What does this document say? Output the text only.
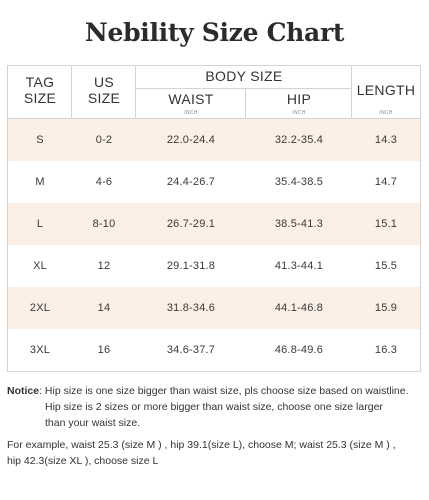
Nebility Size Chart
TAG
SIZE
US
SIZE
BODY SIZE
WAIST	HIP
LENGTH
INCH	INCH	INCH
S	0-2	22.0-24.4	32.2-35.4	14.3
M	4-6	24.4-26.7	35.4-38.5	14.7
L	8-10	26.7-29.1	38.5-41.3	15.1
XL	12	29.1-31.8	41.3-44.1	15.5
2XL	14	31.8-34.6	44.1-46.8	15.9
3XL	16	34.6-37.7	46.8-49.6	16.3

Notice: Hip size is one size bigger than waist size, pls choose size based on waistline.

Hip size is 2 sizes or more bigger than waist size, choose one size larger

than your waist size.

For example, waist 25.3 (size M ) , hip 39.1(size L), choose M; waist 25.3 (size M ) ,

hip 42.3(size XL ), choose size L
